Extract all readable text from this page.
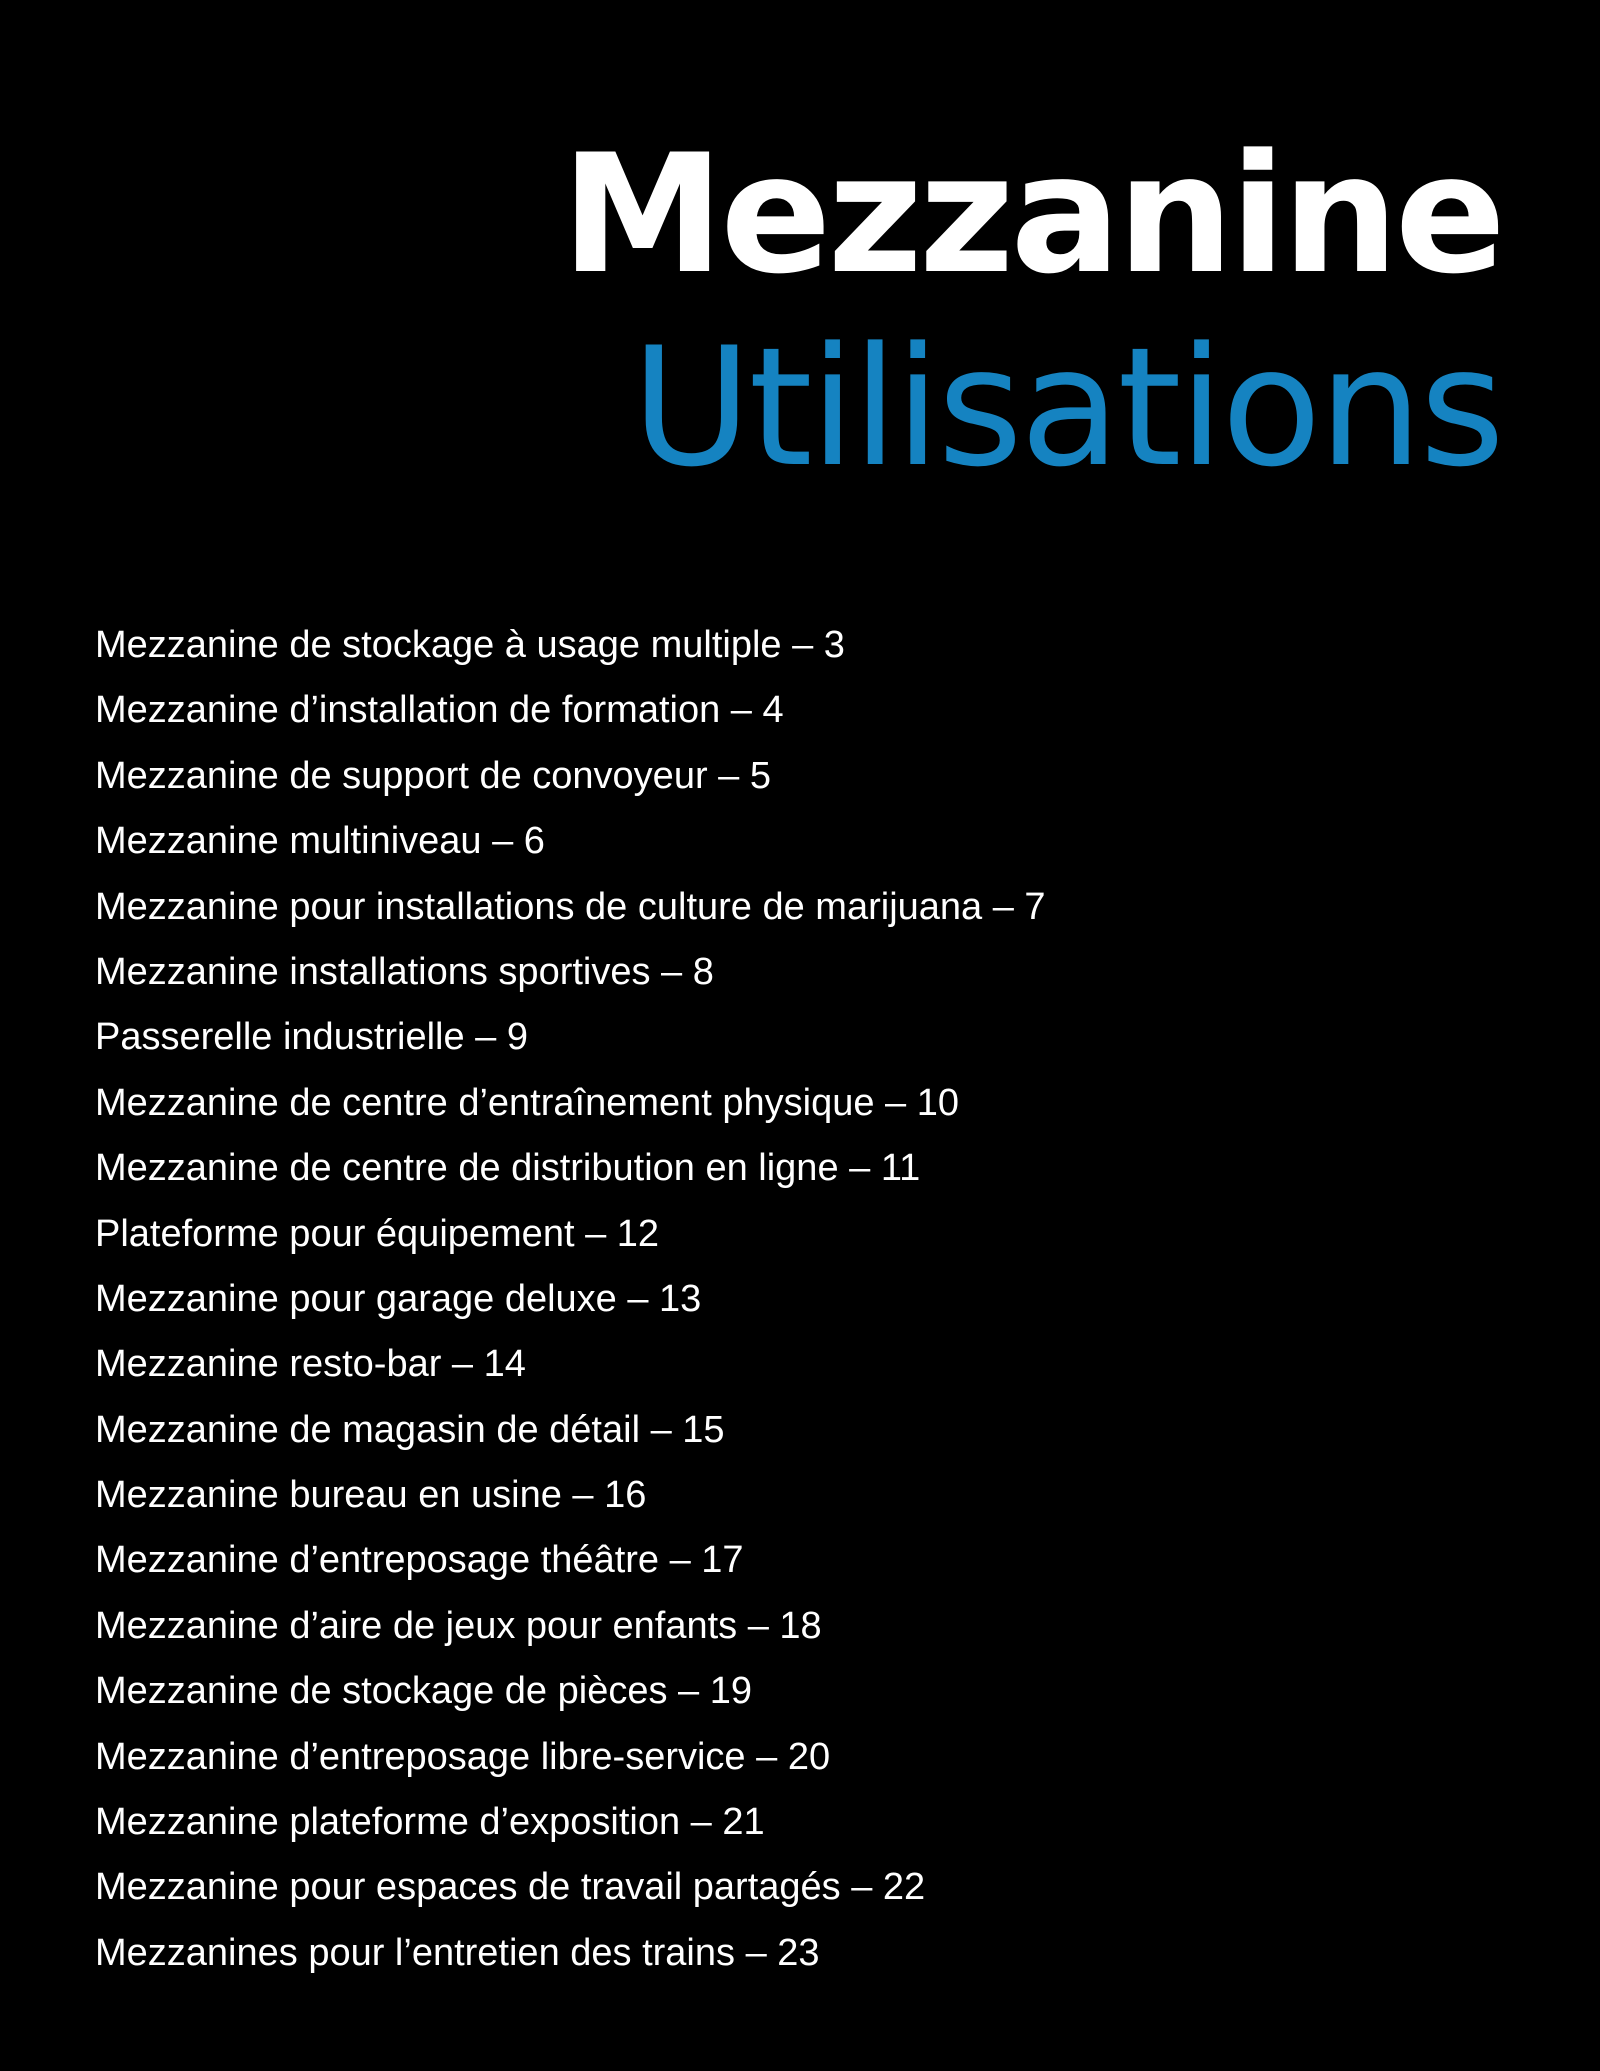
Mezzanine
Utilisations
Mezzanine de stockage à usage multiple – 3
Mezzanine d’installation de formation – 4
Mezzanine de support de convoyeur – 5
Mezzanine multiniveau – 6
Mezzanine pour installations de culture de marijuana – 7
Mezzanine installations sportives – 8
Passerelle industrielle – 9
Mezzanine de centre d’entraînement physique – 10
Mezzanine de centre de distribution en ligne – 11
Plateforme pour équipement – 12
Mezzanine pour garage deluxe – 13
Mezzanine resto-bar – 14
Mezzanine de magasin de détail – 15
Mezzanine bureau en usine – 16
Mezzanine d’entreposage théâtre – 17
Mezzanine d’aire de jeux pour enfants – 18
Mezzanine de stockage de pièces – 19
Mezzanine d’entreposage libre-service – 20
Mezzanine plateforme d’exposition – 21
Mezzanine pour espaces de travail partagés – 22
Mezzanines pour l’entretien des trains – 23
